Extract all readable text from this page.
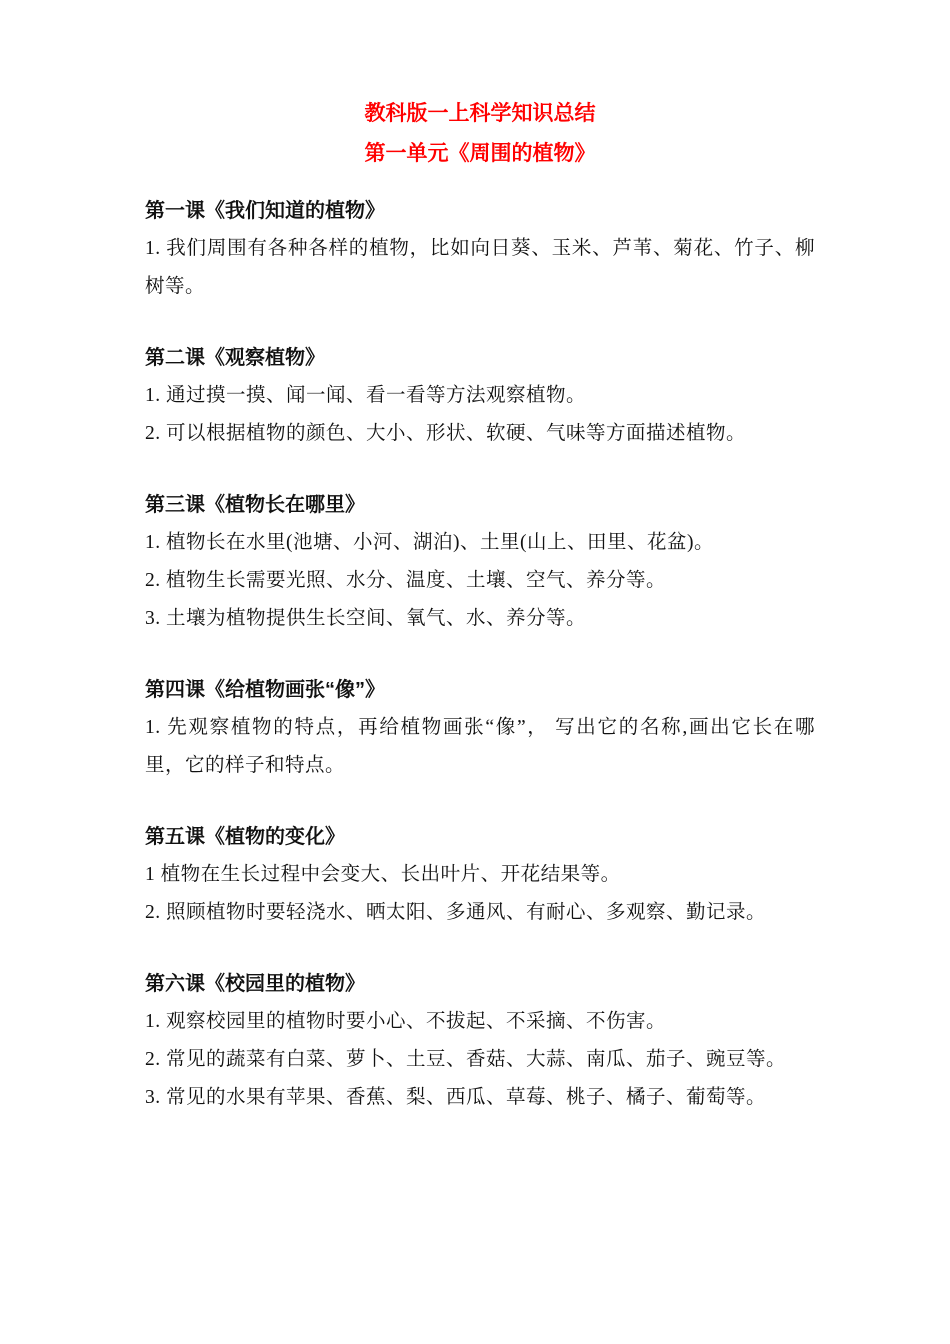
教科版一上科学知识总结
第一单元《周围的植物》
第一课《我们知道的植物》

1. 我们周围有各种各样的植物，比如向日葵、玉米、芦苇、菊花、竹子、柳树等。

第二课《观察植物》

1. 通过摸一摸、闻一闻、看一看等方法观察植物。

2. 可以根据植物的颜色、大小、形状、软硬、气味等方面描述植物。

第三课《植物长在哪里》

1. 植物长在水里(池塘、小河、湖泊)、土里(山上、田里、花盆)。

2. 植物生长需要光照、水分、温度、土壤、空气、养分等。

3. 土壤为植物提供生长空间、氧气、水、养分等。

第四课《给植物画张“像”》

1. 先观察植物的特点，再给植物画张“像”， 写出它的名称,画出它长在哪里，它的样子和特点。

第五课《植物的变化》

1 植物在生长过程中会变大、长出叶片、开花结果等。

2. 照顾植物时要轻浇水、晒太阳、多通风、有耐心、多观察、勤记录。

第六课《校园里的植物》

1. 观察校园里的植物时要小心、不拔起、不采摘、不伤害。

2. 常见的蔬菜有白菜、萝卜、土豆、香菇、大蒜、南瓜、茄子、豌豆等。

3. 常见的水果有苹果、香蕉、梨、西瓜、草莓、桃子、橘子、葡萄等。
